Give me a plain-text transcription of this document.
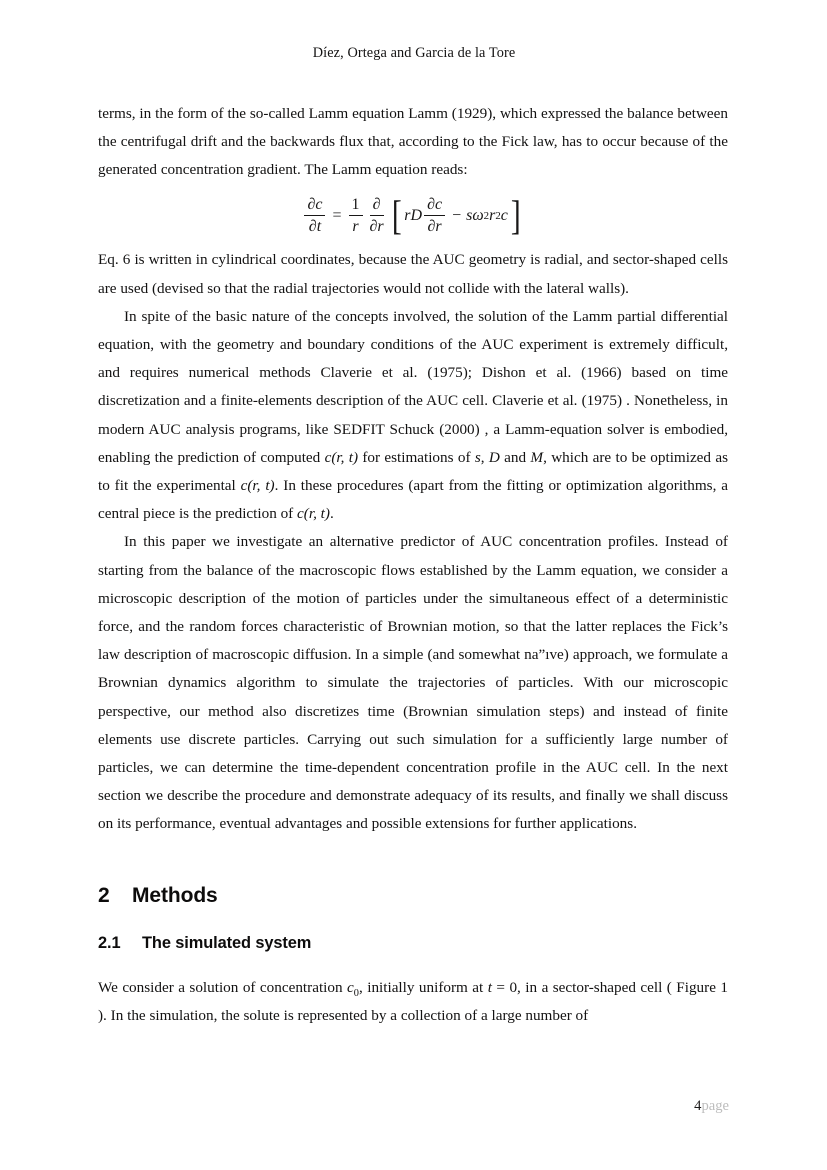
Díez, Ortega and Garcia de la Tore

terms, in the form of the so-called Lamm equation Lamm (1929), which expressed the balance between the centrifugal drift and the backwards flux that, according to the Fick law, has to occur because of the generated concentration gradient. The Lamm equation reads:

$\frac{\partial c}{\partial t} = \frac{1}{r} \frac{\partial}{\partial r}$ [ rD $\frac{\partial c}{\partial r} - s$ ω 2 r 2 c ]

Eq. 6 is written in cylindrical coordinates, because the AUC geometry is radial, and sector-shaped cells are used (devised so that the radial trajectories would not collide with the lateral walls).

In spite of the basic nature of the concepts involved, the solution of the Lamm partial differential equation, with the geometry and boundary conditions of the AUC experiment is extremely difficult, and requires numerical methods Claverie et al. (1975); Dishon et al. (1966) based on time discretization and a finite-elements description of the AUC cell. Claverie et al. (1975) . Nonetheless, in modern AUC analysis programs, like SEDFIT Schuck (2000) , a Lamm-equation solver is embodied, enabling the prediction of computed c(r, t) for estimations of s, D and M, which are to be optimized as to fit the experimental c(r, t). In these procedures (apart from the fitting or optimization algorithms, a central piece is the prediction of c(r, t).

In this paper we investigate an alternative predictor of AUC concentration profiles. Instead of starting from the balance of the macroscopic flows established by the Lamm equation, we consider a microscopic description of the motion of particles under the simultaneous effect of a deterministic force, and the random forces characteristic of Brownian motion, so that the latter replaces the Fick’s law description of macroscopic diffusion. In a simple (and somewhat na”ıve) approach, we formulate a Brownian dynamics algorithm to simulate the trajectories of particles. With our microscopic perspective, our method also discretizes time (Brownian simulation steps) and instead of finite elements use discrete particles. Carrying out such simulation for a sufficiently large number of particles, we can determine the time-dependent concentration profile in the AUC cell. In the next section we describe the procedure and demonstrate adequacy of its results, and finally we shall discuss on its performance, eventual advantages and possible extensions for further applications.

2 Methods
2.1 The simulated system

We consider a solution of concentration $c_0$, initially uniform at t = 0, in a sector-shaped cell ( Figure 1 ). In the simulation, the solute is represented by a collection of a large number of

4page
